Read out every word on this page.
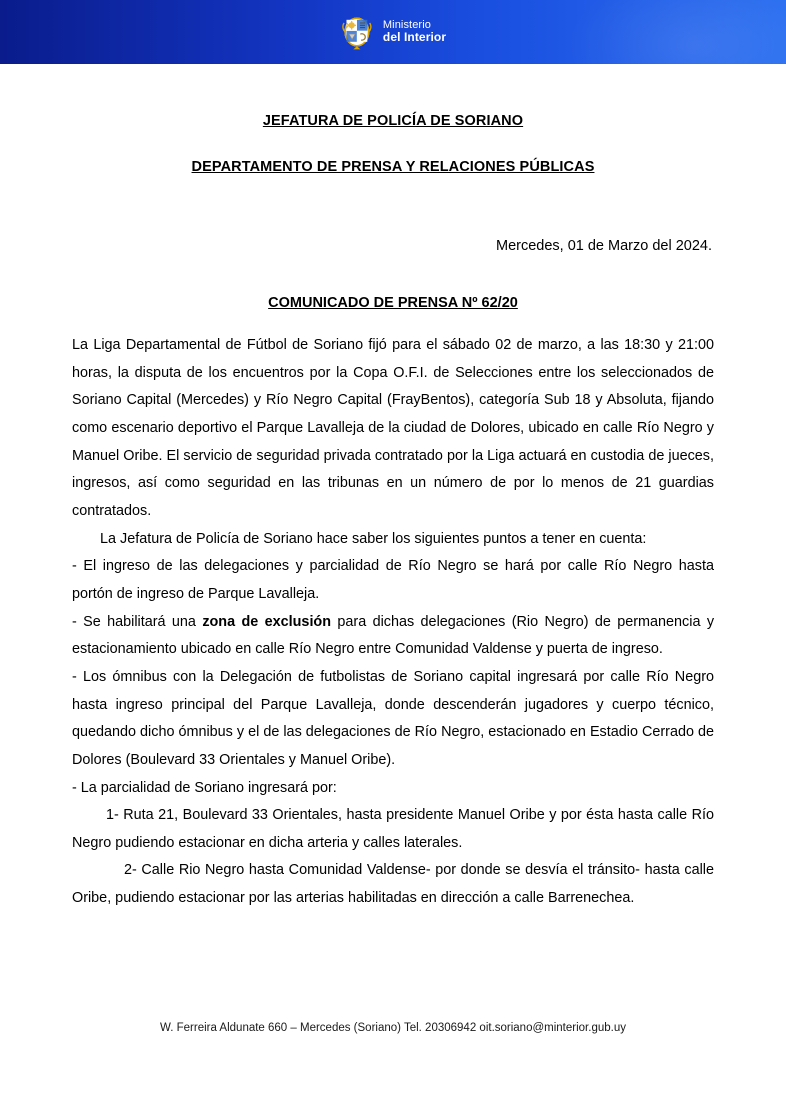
Ministerio
del Interior
JEFATURA DE POLICÍA DE SORIANO
DEPARTAMENTO DE PRENSA Y RELACIONES PÚBLICAS
Mercedes, 01 de Marzo del 2024.
COMUNICADO DE PRENSA Nº 62/20

La Liga Departamental de Fútbol de Soriano fijó para el sábado 02 de marzo, a las 18:30 y 21:00 horas, la disputa de los encuentros por la Copa O.F.I. de Selecciones entre los seleccionados de Soriano Capital (Mercedes) y Río Negro Capital (FrayBentos), categoría Sub 18 y Absoluta, fijando como escenario deportivo el Parque Lavalleja de la ciudad de Dolores, ubicado en calle Río Negro y Manuel Oribe. El servicio de seguridad privada contratado por la Liga actuará en custodia de jueces, ingresos, así como seguridad en las tribunas en un número de por lo menos de 21 guardias contratados.

La Jefatura de Policía de Soriano hace saber los siguientes puntos a tener en cuenta:

- El ingreso de las delegaciones y parcialidad de Río Negro se hará por calle Río Negro hasta portón de ingreso de Parque Lavalleja.

- Se habilitará una zona de exclusión para dichas delegaciones (Rio Negro) de permanencia y estacionamiento ubicado en calle Río Negro entre Comunidad Valdense y puerta de ingreso.

- Los ómnibus con la Delegación de futbolistas de Soriano capital ingresará por calle Río Negro hasta ingreso principal del Parque Lavalleja, donde descenderán jugadores y cuerpo técnico, quedando dicho ómnibus y el de las delegaciones de Río Negro, estacionado en Estadio Cerrado de Dolores (Boulevard 33 Orientales y Manuel Oribe).

- La parcialidad de Soriano ingresará por:

1- Ruta 21, Boulevard 33 Orientales, hasta presidente Manuel Oribe y por ésta hasta calle Río Negro pudiendo estacionar en dicha arteria y calles laterales.

2- Calle Rio Negro hasta Comunidad Valdense- por donde se desvía el tránsito- hasta calle Oribe, pudiendo estacionar por las arterias habilitadas en dirección a calle Barrenechea.

W. Ferreira Aldunate 660 – Mercedes (Soriano) Tel. 20306942 oit.soriano@minterior.gub.uy
